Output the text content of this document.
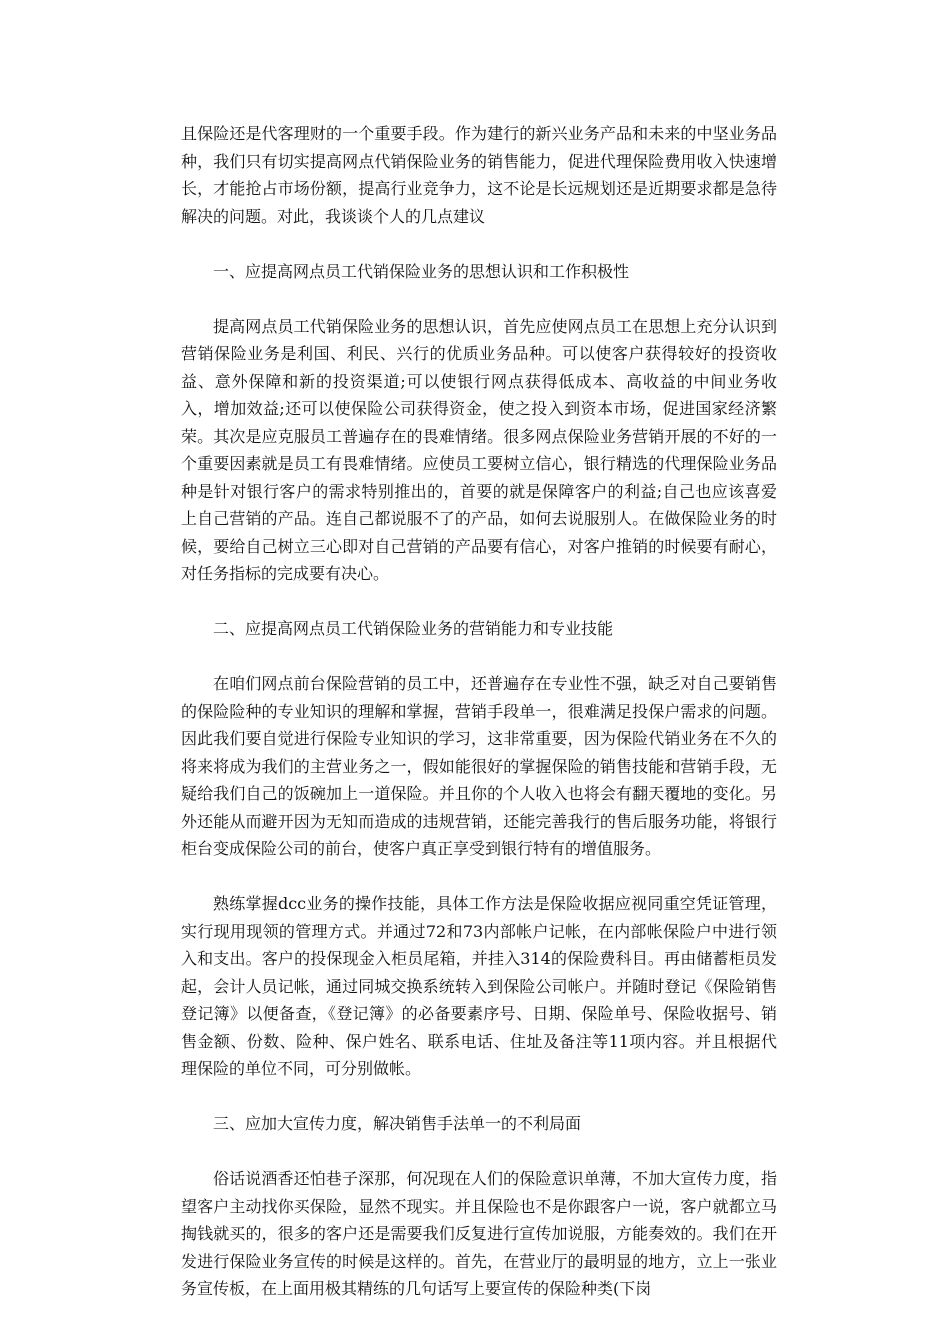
且保险还是代客理财的一个重要手段。作为建行的新兴业务产品和未来的中坚业务品种，我们只有切实提高网点代销保险业务的销售能力，促进代理保险费用收入快速增长，才能抢占市场份额，提高行业竞争力，这不论是长远规划还是近期要求都是急待解决的问题。对此，我谈谈个人的几点建议

一、应提高网点员工代销保险业务的思想认识和工作积极性

提高网点员工代销保险业务的思想认识，首先应使网点员工在思想上充分认识到营销保险业务是利国、利民、兴行的优质业务品种。可以使客户获得较好的投资收益、意外保障和新的投资渠道;可以使银行网点获得低成本、高收益的中间业务收入，增加效益;还可以使保险公司获得资金，使之投入到资本市场，促进国家经济繁荣。其次是应克服员工普遍存在的畏难情绪。很多网点保险业务营销开展的不好的一个重要因素就是员工有畏难情绪。应使员工要树立信心，银行精选的代理保险业务品种是针对银行客户的需求特别推出的，首要的就是保障客户的利益;自己也应该喜爱上自己营销的产品。连自己都说服不了的产品，如何去说服别人。在做保险业务的时候，要给自己树立三心即对自己营销的产品要有信心，对客户推销的时候要有耐心，对任务指标的完成要有决心。

二、应提高网点员工代销保险业务的营销能力和专业技能

在咱们网点前台保险营销的员工中，还普遍存在专业性不强，缺乏对自己要销售的保险险种的专业知识的理解和掌握，营销手段单一，很难满足投保户需求的问题。因此我们要自觉进行保险专业知识的学习，这非常重要，因为保险代销业务在不久的将来将成为我们的主营业务之一，假如能很好的掌握保险的销售技能和营销手段，无疑给我们自己的饭碗加上一道保险。并且你的个人收入也将会有翻天覆地的变化。另外还能从而避开因为无知而造成的违规营销，还能完善我行的售后服务功能，将银行柜台变成保险公司的前台，使客户真正享受到银行特有的增值服务。

熟练掌握dcc业务的操作技能，具体工作方法是保险收据应视同重空凭证管理，实行现用现领的管理方式。并通过72和73内部帐户记帐，在内部帐保险户中进行领入和支出。客户的投保现金入柜员尾箱，并挂入314的保险费科目。再由储蓄柜员发起，会计人员记帐，通过同城交换系统转入到保险公司帐户。并随时登记《保险销售登记簿》以便备查，《登记簿》的必备要素序号、日期、保险单号、保险收据号、销售金额、份数、险种、保户姓名、联系电话、住址及备注等11项内容。并且根据代理保险的单位不同，可分别做帐。

三、应加大宣传力度，解决销售手法单一的不利局面

俗话说酒香还怕巷子深那，何况现在人们的保险意识单薄，不加大宣传力度，指望客户主动找你买保险，显然不现实。并且保险也不是你跟客户一说，客户就都立马掏钱就买的，很多的客户还是需要我们反复进行宣传加说服，方能奏效的。我们在开发进行保险业务宣传的时候是这样的。首先，在营业厅的最明显的地方，立上一张业务宣传板，在上面用极其精练的几句话写上要宣传的保险种类(下岗
